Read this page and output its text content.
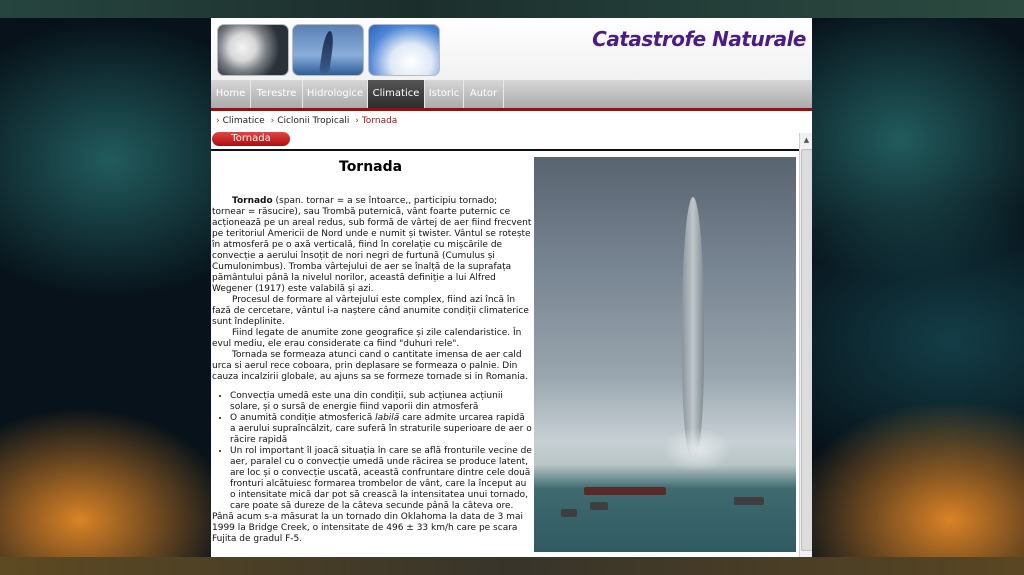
Catastrofe Naturale
Home	Terestre	Hidrologice Climatice Istoric	Autor
› Climatice › Ciclonii Tropicali › Tornada
Tornada
Tornada

Tornado (span. tornar = a se întoarce,, participiu tornado; tornear = răsucire), sau Trombă puternică, vânt foarte puternic ce acționează pe un areal redus, sub formă de vârtej de aer fiind frecvent pe teritoriul Americii de Nord unde e numit și twister. Vântul se rotește în atmosferă pe o axă verticală, fiind în corelație cu mișcările de convecție a aerului însoțit de nori negri de furtună (Cumulus și Cumulonimbus). Tromba vârtejului de aer se înalță de la suprafața pământului până la nivelul norilor, această definiție a lui Alfred Wegener (1917) este valabilă și azi.

Procesul de formare al vârtejului este complex, fiind azi încă în fază de cercetare, vântul i-a naștere când anumite condiții climaterice sunt îndeplinite.

Fiind legate de anumite zone geografice și zile calendaristice. În evul mediu, ele erau considerate ca fiind "duhuri rele".

Tornada se formeaza atunci cand o cantitate imensa de aer cald urca si aerul rece coboara, prin deplasare se formeaza o palnie. Din cauza incalzirii globale, au ajuns sa se formeze tornade si in Romania.

• Convecția umedă este una din condiții, sub acțiunea acțiunii solare, și o sursă de energie fiind vaporii din atmosferă
• O anumită condiție atmosferică labilă care admite urcarea rapidă a aerului supraîncălzit, care suferă în straturile superioare de aer o răcire rapidă
• Un rol important îl joacă situația în care se află fronturile vecine de aer, paralel cu o convecție umedă unde răcirea se produce latent, are loc și o convecție uscată, această confruntare dintre cele două fronturi alcătuiesc formarea trombelor de vânt, care la început au o intensitate mică dar pot să crească la intensitatea unui tornado, care poate să dureze de la câteva secunde până la câteva ore.

Până acum s-a măsurat la un tornado din Oklahoma la data de 3 mai 1999 la Bridge Creek, o intensitate de 496 ± 33 km/h care pe scara Fujita de gradul F-5.

▲
